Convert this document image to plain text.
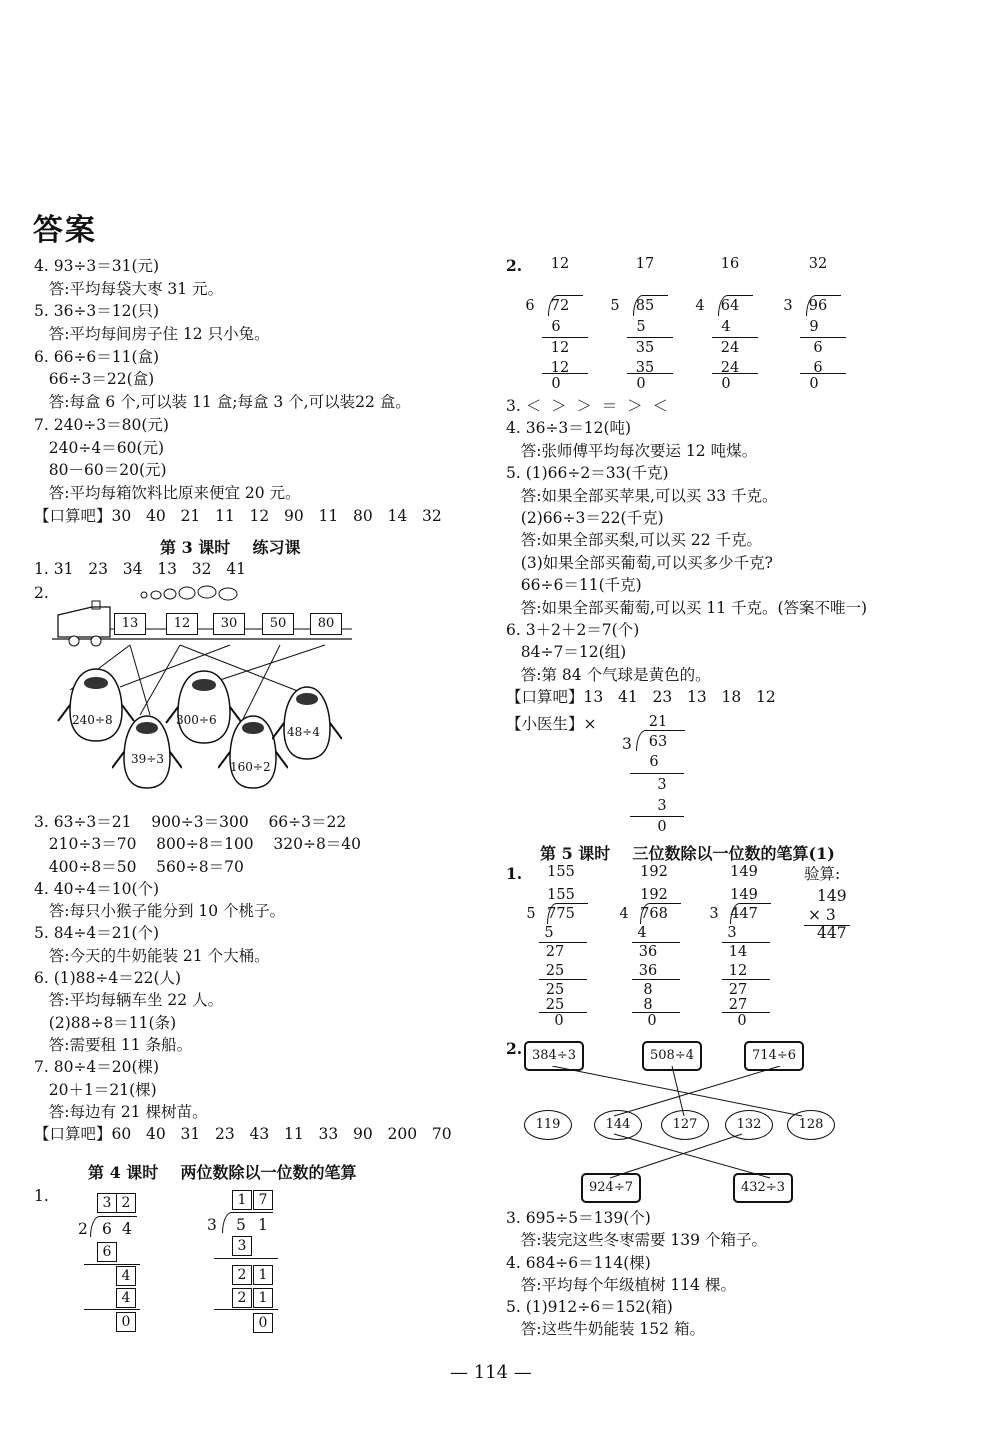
答案

4. 93÷3＝31(元)
答:平均每袋大枣 31 元。
5. 36÷3＝12(只)
答:平均每间房子住 12 只小兔。
6. 66÷6＝11(盒)
66÷3＝22(盒)
答:每盒 6 个,可以装 11 盒;每盒 3 个,可以装22 盒。
7. 240÷3＝80(元)
240÷4＝60(元)
80－60＝20(元)
答:平均每箱饮料比原来便宜 20 元。
【口算吧】30   40   21   11   12   90   11   80   14   32
第 3 课时    练习课
1. 31   23   34   13   32   41
2.
13	12	30	50	80
240÷8
39÷3
300÷6
160÷2
48÷4
3. 63÷3＝21    900÷3＝300    66÷3＝22
210÷3＝70    800÷8＝100    320÷8＝40
400÷8＝50    560÷8＝70
4. 40÷4＝10(个)
答:每只小猴子能分到 10 个桃子。
5. 84÷4＝21(个)
答:今天的牛奶能装 21 个大桶。
6. (1)88÷4＝22(人)
答:平均每辆车坐 22 人。
(2)88÷8＝11(条)
答:需要租 11 条船。
7. 80÷4＝20(棵)
20＋1＝21(棵)
答:每边有 21 棵树苗。
【口算吧】60   40   31   23   43   11   33   90   200   70
第 4 课时    两位数除以一位数的笔算
1.	3 2
2 6 4
6
4
4
0
1 7
3 5 1
3
2 1
2 1
0
2.	12
6	72
6
12
12
0
17
5	85
5
35
35
0
16
4	64
4
24
24
0
32
3	96
9
6
6
0
3. ＜  ＞  ＞  ＝  ＞  ＜
4. 36÷3＝12(吨)
答:张师傅平均每次要运 12 吨煤。
5. (1)66÷2＝33(千克)
答:如果全部买苹果,可以买 33 千克。
(2)66÷3＝22(千克)
答:如果全部买梨,可以买 22 千克。
(3)如果全部买葡萄,可以买多少千克?
66÷6＝11(千克)
答:如果全部买葡萄,可以买 11 千克。(答案不唯一)
6. 3＋2＋2＝7(个)
84÷7＝12(组)
答:第 84 个气球是黄色的。
【口算吧】13   41   23   13   18   12
【小医生】×	21
3	63
6
3
3
0
第 5 课时    三位数除以一位数的笔算(1)
1.	155
155
5 775
5
27
25
25
25
0
192
192
4 768
4
36
36
8
8
0
149
149
3 447
3
14
12
27
27
0
验算:
149
× 3
447
2. 384÷3	508÷4	714÷6
119	144	127	132	128
924÷7	432÷3
3. 695÷5＝139(个)
答:装完这些冬枣需要 139 个箱子。
4. 684÷6＝114(棵)
答:平均每个年级植树 114 棵。
5. (1)912÷6＝152(箱)
答:这些牛奶能装 152 箱。
— 114 —
